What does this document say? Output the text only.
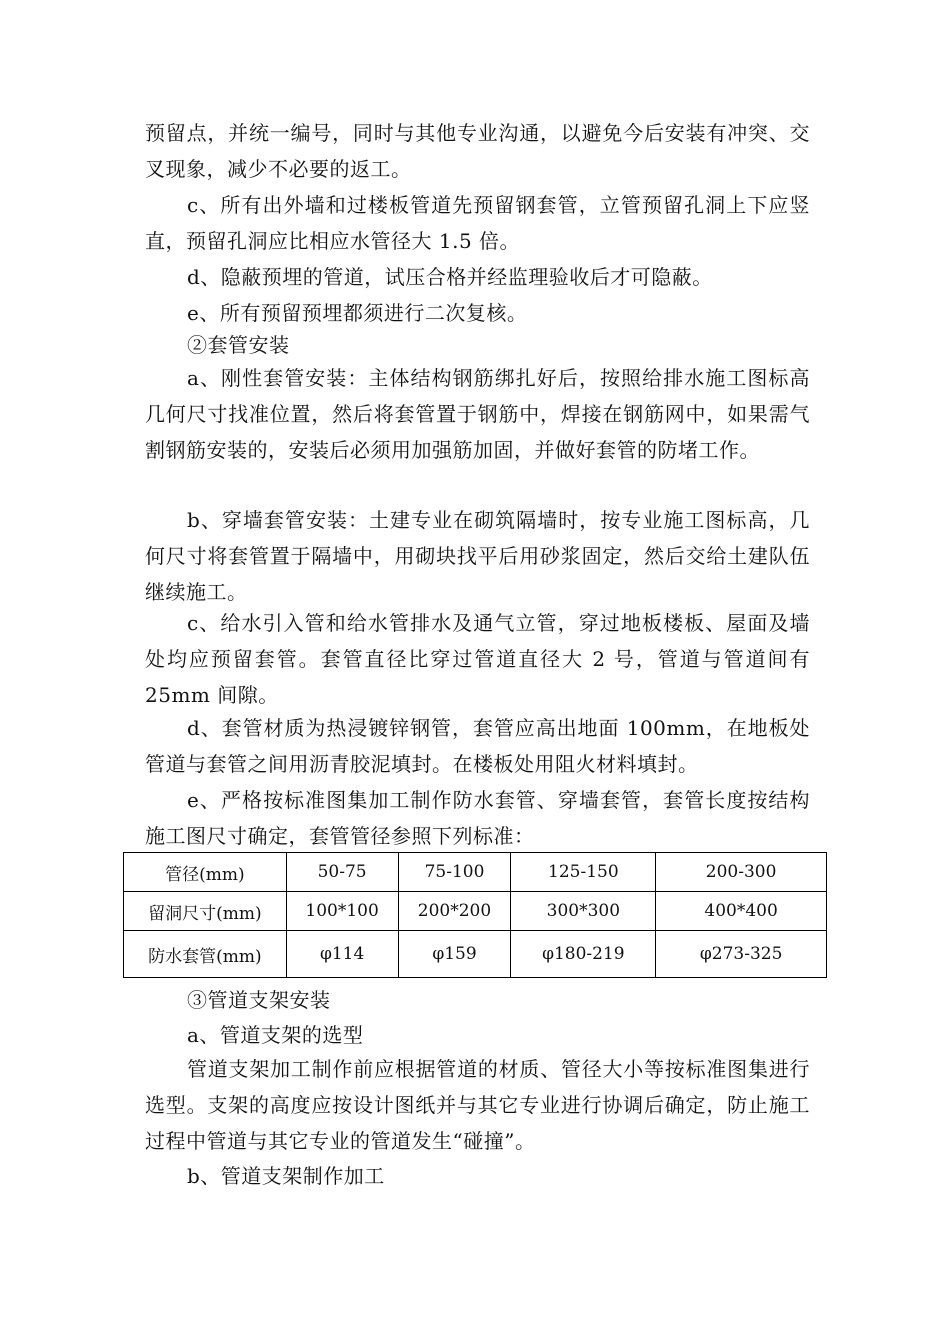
预留点，并统一编号，同时与其他专业沟通，以避免今后安装有冲突、交叉现象，减少不必要的返工。

c、所有出外墙和过楼板管道先预留钢套管，立管预留孔洞上下应竖直，预留孔洞应比相应水管径大 1.5 倍。

d、隐蔽预埋的管道，试压合格并经监理验收后才可隐蔽。

e、所有预留预埋都须进行二次复核。

②套管安装

a、刚性套管安装：主体结构钢筋绑扎好后，按照给排水施工图标高几何尺寸找准位置，然后将套管置于钢筋中，焊接在钢筋网中，如果需气割钢筋安装的，安装后必须用加强筋加固，并做好套管的防堵工作。

b、穿墙套管安装：土建专业在砌筑隔墙时，按专业施工图标高，几何尺寸将套管置于隔墙中，用砌块找平后用砂浆固定，然后交给土建队伍继续施工。

c、给水引入管和给水管排水及通气立管，穿过地板楼板、屋面及墙处均应预留套管。套管直径比穿过管道直径大 2 号，管道与管道间有 25mm 间隙。

d、套管材质为热浸镀锌钢管，套管应高出地面 100mm，在地板处管道与套管之间用沥青胶泥填封。在楼板处用阻火材料填封。

e、严格按标准图集加工制作防水套管、穿墙套管，套管长度按结构施工图尺寸确定，套管管径参照下列标准：

管径(mm)	50-75	75-100	125-150	200-300
留洞尺寸(mm)	100*100	200*200	300*300	400*400
防水套管(mm)	φ114	φ159	φ180-219	φ273-325

③管道支架安装

a、管道支架的选型

管道支架加工制作前应根据管道的材质、管径大小等按标准图集进行选型。支架的高度应按设计图纸并与其它专业进行协调后确定，防止施工过程中管道与其它专业的管道发生“碰撞”。

b、管道支架制作加工
